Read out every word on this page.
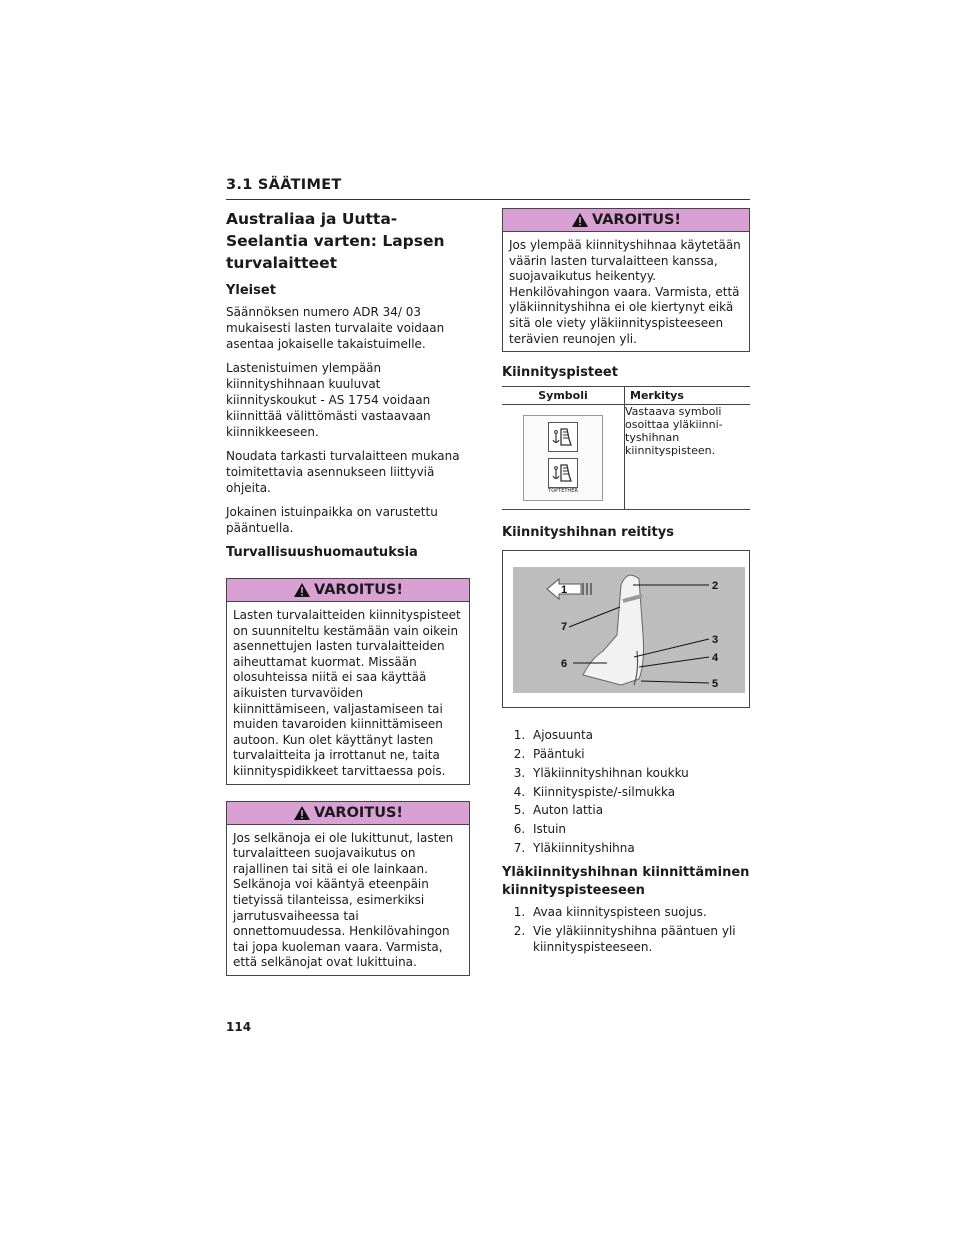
3.1 SÄÄTIMET
Australiaa ja Uutta-Seelantia varten: Lapsen turvalaitteet
Yleiset

Säännöksen numero ADR 34/ 03 mukaisesti lasten turvalaite voidaan asentaa jokaiselle takaistuimelle.

Lastenistuimen ylempään kiinnityshihnaan kuuluvat kiinnityskoukut - AS 1754 voidaan kiinnittää välittömästi vastaavaan kiinnikkeeseen.

Noudata tarkasti turvalaitteen mukana toimitettavia asennukseen liittyviä ohjeita.

Jokainen istuinpaikka on varustettu pääntuella.

Turvallisuushuomautuksia
VAROITUS!
Lasten turvalaitteiden kiinnityspisteet on suunniteltu kestämään vain oikein asennettujen lasten turvalaitteiden aiheuttamat kuormat. Missään olosuhteissa niitä ei saa käyttää aikuisten turvavöiden kiinnittämiseen, valjastamiseen tai muiden tavaroiden kiinnittämiseen autoon. Kun olet käyttänyt lasten turvalaitteita ja irrottanut ne, taita kiinnityspidikkeet tarvittaessa pois.
VAROITUS!
Jos selkänoja ei ole lukittunut, lasten turvalaitteen suojavaikutus on rajallinen tai sitä ei ole lainkaan. Selkänoja voi kääntyä eteenpäin tietyissä tilanteissa, esimerkiksi jarrutusvaiheessa tai onnettomuudessa. Henkilövahingon tai jopa kuoleman vaara. Varmista, että selkänojat ovat lukittuina.
VAROITUS!
Jos ylempää kiinnityshihnaa käytetään väärin lasten turvalaitteen kanssa, suojavaikutus heikentyy. Henkilövahingon vaara. Varmista, että yläkiinnityshihna ei ole kiertynyt eikä sitä ole viety yläkiinnityspisteeseen terävien reunojen yli.
Kiinnityspisteet
Symboli	Merkitys

TOPTETHER	Vastaava symboli osoittaa yläkiinni-tyshihnan kiinnityspisteen.
Kiinnityshihnan reititys
1	2
3
4
5
6
7
1. Ajosuunta
2. Pääntuki
3. Yläkiinnityshihnan koukku
4. Kiinnityspiste/-silmukka
5. Auton lattia
6. Istuin
7. Yläkiinnityshihna
Yläkiinnityshihnan kiinnittäminen kiinnityspisteeseen
1. Avaa kiinnityspisteen suojus.
2. Vie yläkiinnityshihna pääntuen yli kiinnityspisteeseen.
114
